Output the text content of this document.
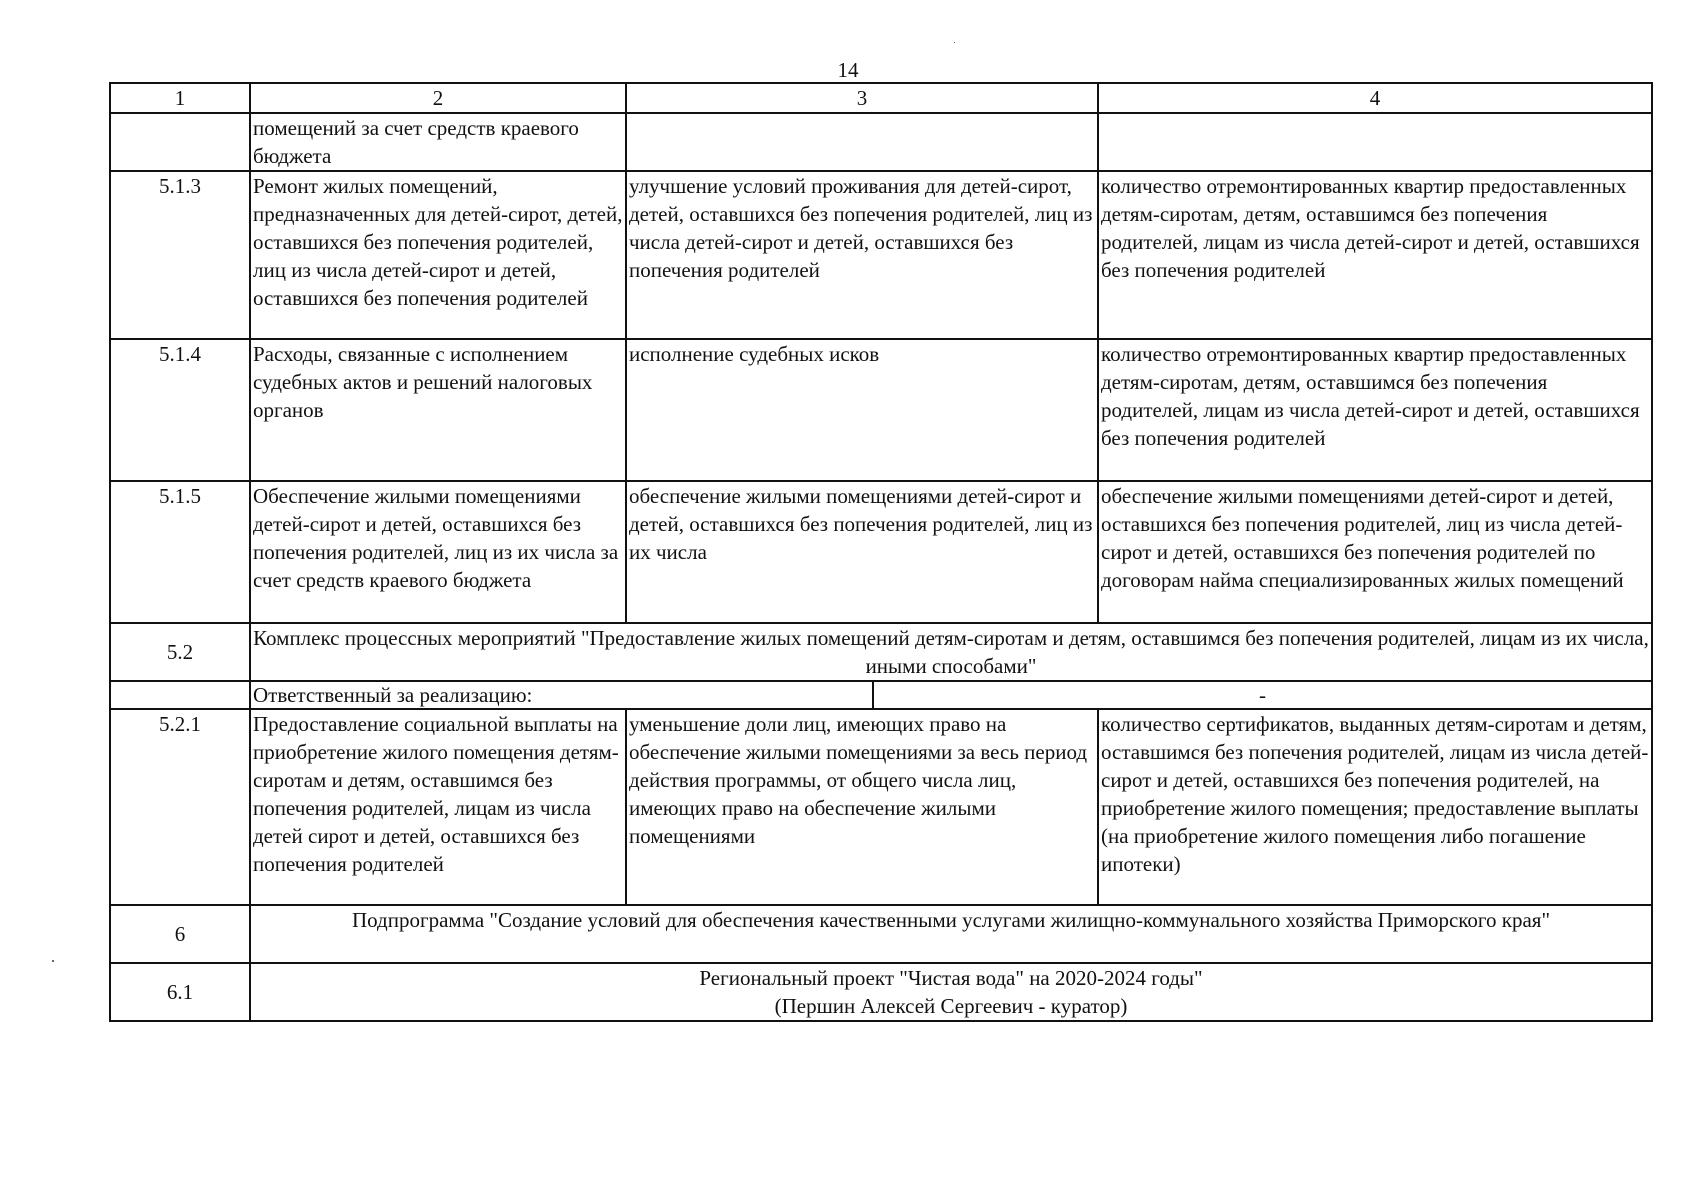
14
1	2	3	4
	помещений за счет средств краевого бюджета		
5.1.3	Ремонт жилых помещений, предназначенных для детей-сирот, детей, оставшихся без попечения родителей, лиц из числа детей-сирот и детей, оставшихся без попечения родителей	улучшение условий проживания для детей-сирот, детей, оставшихся без попечения родителей, лиц из числа детей-сирот и детей, оставшихся без попечения родителей	количество отремонтированных квартир предоставленных детям-сиротам, детям, оставшимся без попечения родителей, лицам из числа детей-сирот и детей, оставшихся без попечения родителей
5.1.4	Расходы, связанные с исполнением судебных актов и решений налоговых органов	исполнение судебных исков	количество отремонтированных квартир предоставленных детям-сиротам, детям, оставшимся без попечения родителей, лицам из числа детей-сирот и детей, оставшихся без попечения родителей
5.1.5	Обеспечение жилыми помещениями детей-сирот и детей, оставшихся без попечения родителей, лиц из их числа за счет средств краевого бюджета	обеспечение жилыми помещениями детей-сирот и детей, оставшихся без попечения родителей, лиц из их числа	обеспечение жилыми помещениями детей-сирот и детей, оставшихся без попечения родителей, лиц из числа детей-сирот и детей, оставшихся без попечения родителей по договорам найма специализированных жилых помещений
5.2	Комплекс процессных мероприятий "Предоставление жилых помещений детям-сиротам и детям, оставшимся без попечения родителей, лицам из их числа, иными способами"		

	Ответственный за реализацию: -		

5.2.1	Предоставление социальной выплаты на приобретение жилого помещения детям-сиротам и детям, оставшимся без попечения родителей, лицам из числа детей сирот и детей, оставшихся без попечения родителей	уменьшение доли лиц, имеющих право на обеспечение жилыми помещениями за весь период действия программы, от общего числа лиц, имеющих право на обеспечение жилыми помещениями	количество сертификатов, выданных детям-сиротам и детям, оставшимся без попечения родителей, лицам из числа детей-сирот и детей, оставшихся без попечения родителей, на приобретение жилого помещения; предоставление выплаты (на приобретение жилого помещения либо погашение ипотеки)
6	Подпрограмма "Создание условий для обеспечения качественными услугами жилищно-коммунального хозяйства Приморского края"		
6.1	Региональный проект "Чистая вода" на 2020-2024 годы"
(Першин Алексей Сергеевич - куратор)		
